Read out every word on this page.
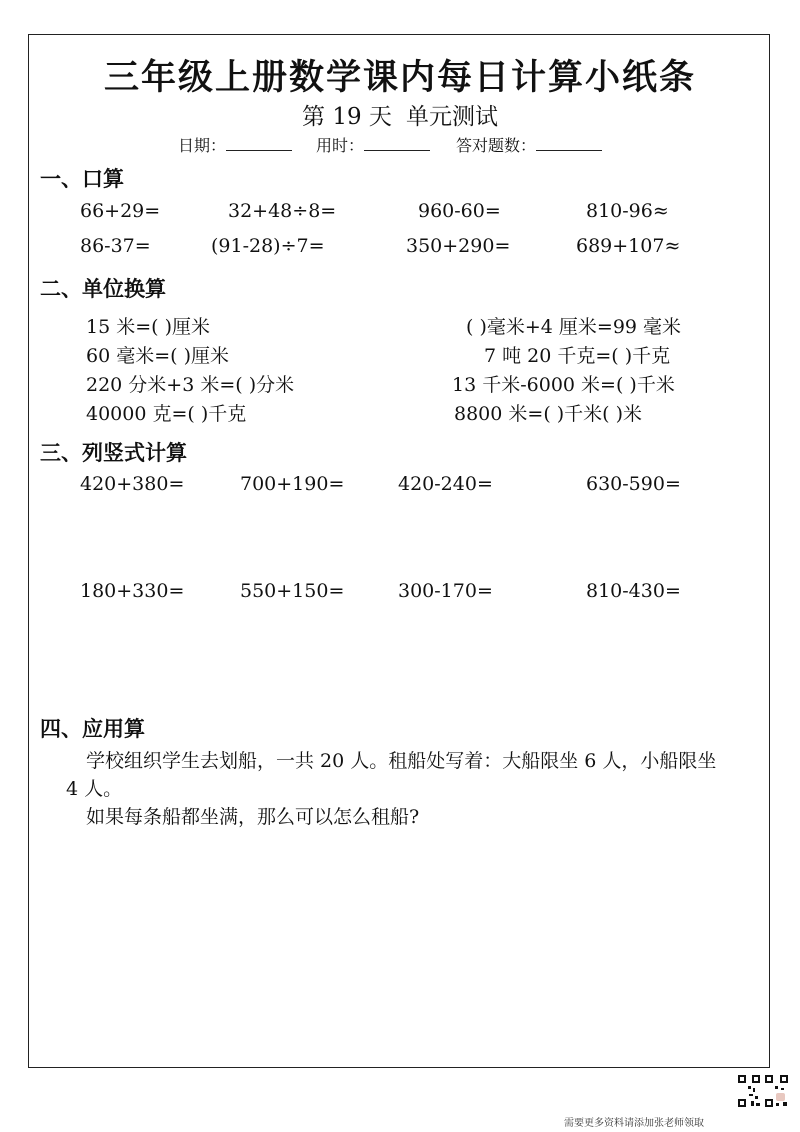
三年级上册数学课内每日计算小纸条
第 19 天 单元测试
日期：	用时：	答对题数：
一、口算
66+29=	32+48÷8=	960-60=	810-96≈
86-37=	(91-28)÷7=	350+290=	689+107≈
二、单位换算
15 米=( )厘米	( )毫米+4 厘米=99 毫米
60 毫米=( )厘米	7 吨 20 千克=( )千克
220 分米+3 米=( )分米	13 千米-6000 米=( )千米
40000 克=( )千克	8800 米=( )千米( )米
三、列竖式计算
420+380=	700+190=	420-240=	630-590=
180+330=	550+150=	300-170=	810-430=
四、应用算
学校组织学生去划船，一共 20 人。租船处写着：大船限坐 6 人，小船限坐
4 人。
如果每条船都坐满，那么可以怎么租船?
需要更多资料请添加张老师领取
